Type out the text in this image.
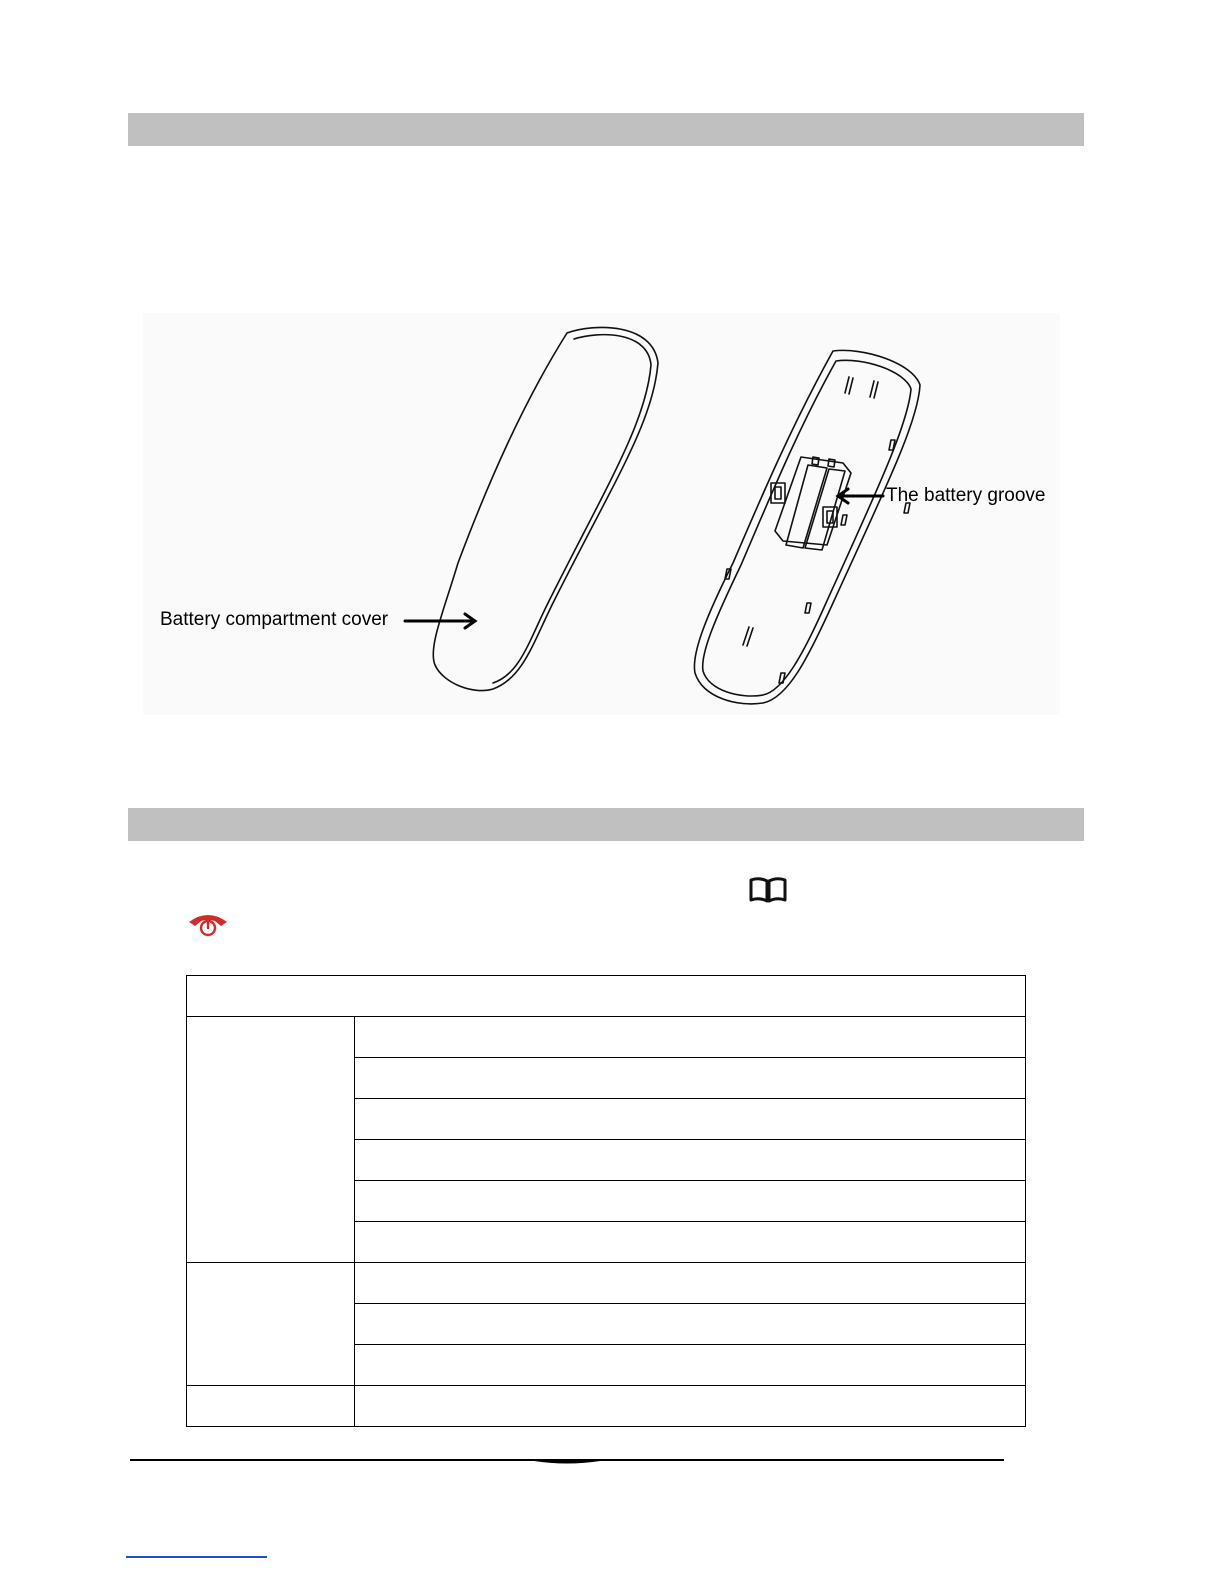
Battery compartment cover
The battery groove
